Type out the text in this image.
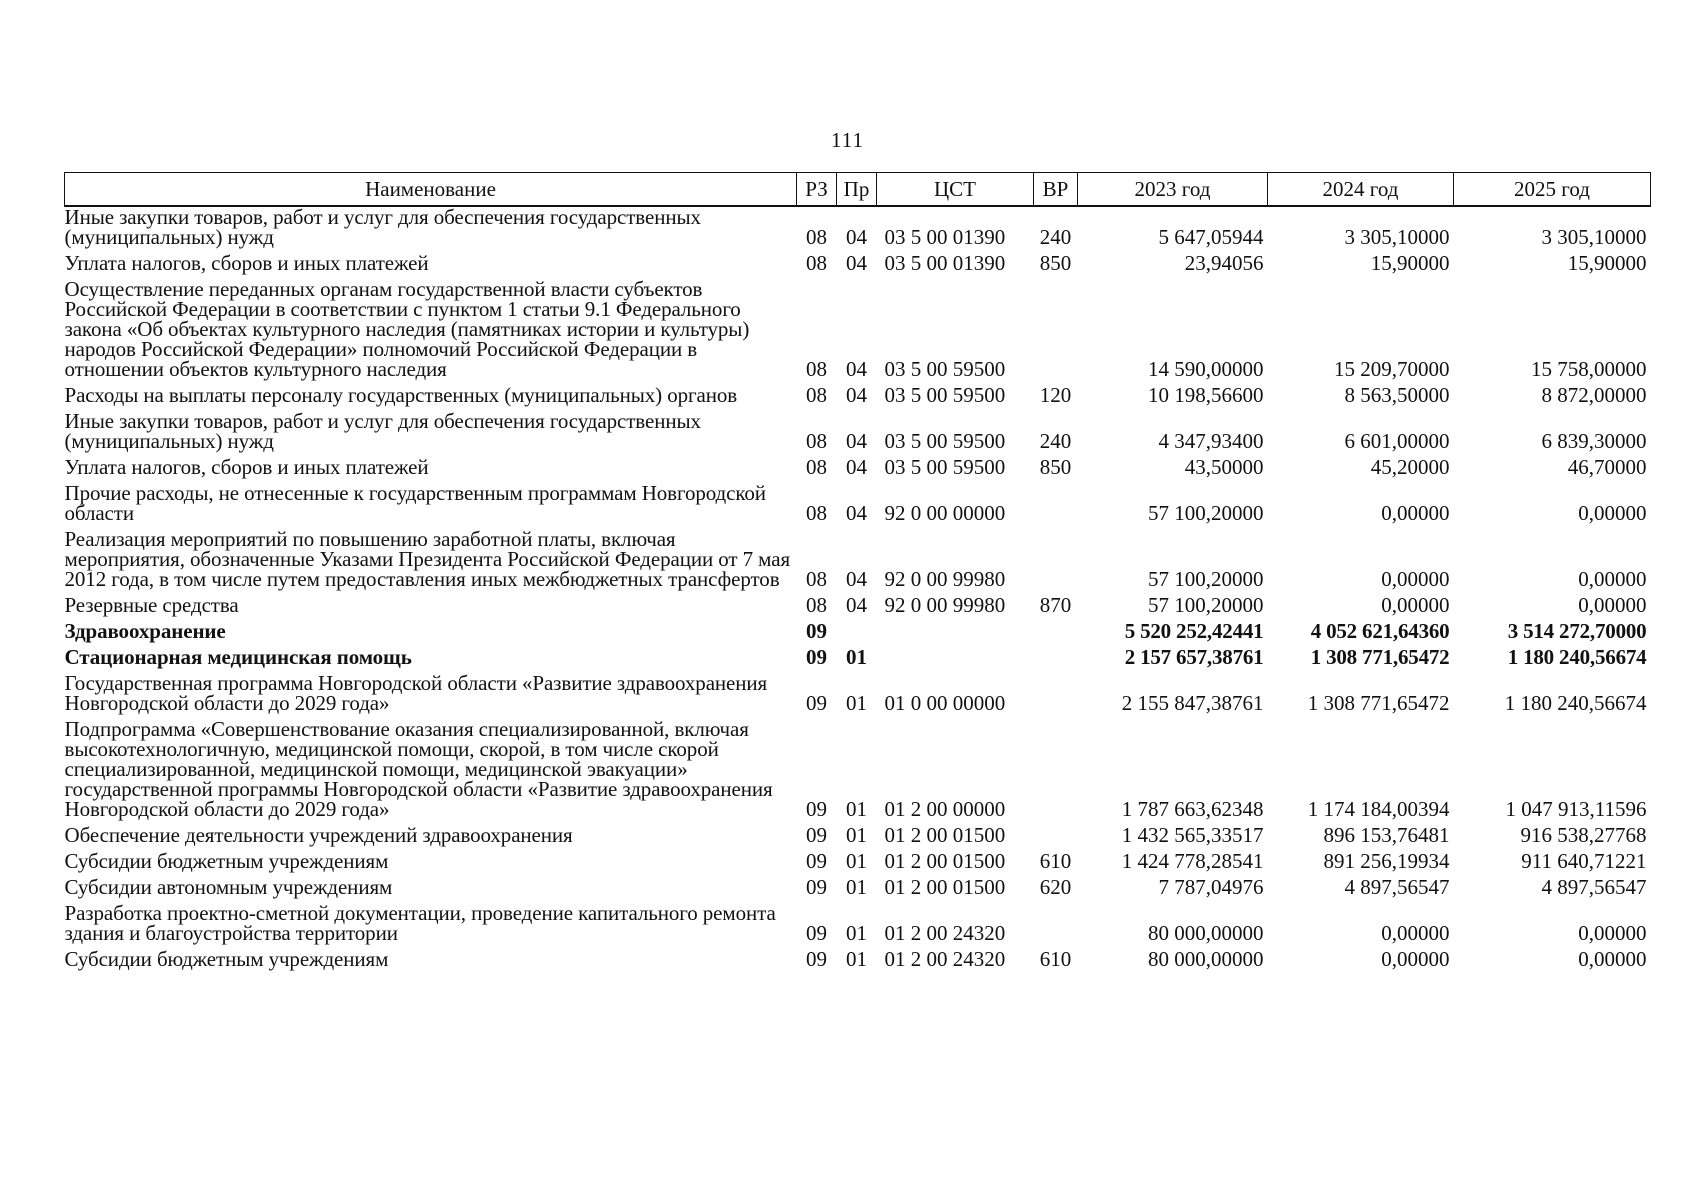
111
Наименование	РЗ	Пр	ЦСТ	ВР	2023 год	2024 год	2025 год
Иные закупки товаров, работ и услуг для обеспечения государственных (муниципальных) нужд	08	04	03 5 00 01390	240	5 647,05944	3 305,10000	3 305,10000
Уплата налогов, сборов и иных платежей	08	04	03 5 00 01390	850	23,94056	15,90000	15,90000
Осуществление переданных органам государственной власти субъектов Российской Федерации в соответствии с пунктом 1 статьи 9.1 Федерального закона «Об объектах культурного наследия (памятниках истории и культуры) народов Российской Федерации» полномочий Российской Федерации в отношении объектов культурного наследия	08	04	03 5 00 59500		14 590,00000	15 209,70000	15 758,00000
Расходы на выплаты персоналу государственных (муниципальных) органов	08	04	03 5 00 59500	120	10 198,56600	8 563,50000	8 872,00000
Иные закупки товаров, работ и услуг для обеспечения государственных (муниципальных) нужд	08	04	03 5 00 59500	240	4 347,93400	6 601,00000	6 839,30000
Уплата налогов, сборов и иных платежей	08	04	03 5 00 59500	850	43,50000	45,20000	46,70000
Прочие расходы, не отнесенные к государственным программам Новгородской области	08	04	92 0 00 00000		57 100,20000	0,00000	0,00000
Реализация мероприятий по повышению заработной платы, включая мероприятия, обозначенные Указами Президента Российской Федерации от 7 мая 2012 года, в том числе путем предоставления иных межбюджетных трансфертов	08	04	92 0 00 99980		57 100,20000	0,00000	0,00000
Резервные средства	08	04	92 0 00 99980	870	57 100,20000	0,00000	0,00000
Здравоохранение	09				5 520 252,42441	4 052 621,64360	3 514 272,70000
Стационарная медицинская помощь	09	01			2 157 657,38761	1 308 771,65472	1 180 240,56674
Государственная программа Новгородской области «Развитие здравоохранения Новгородской области до 2029 года»	09	01	01 0 00 00000		2 155 847,38761	1 308 771,65472	1 180 240,56674
Подпрограмма «Совершенствование оказания специализированной, включая высокотехнологичную, медицинской помощи, скорой, в том числе скорой специализированной, медицинской помощи, медицинской эвакуации» государственной программы Новгородской области «Развитие здравоохранения Новгородской области до 2029 года»	09	01	01 2 00 00000		1 787 663,62348	1 174 184,00394	1 047 913,11596
Обеспечение деятельности учреждений здравоохранения	09	01	01 2 00 01500		1 432 565,33517	896 153,76481	916 538,27768
Субсидии бюджетным учреждениям	09	01	01 2 00 01500	610	1 424 778,28541	891 256,19934	911 640,71221
Субсидии автономным учреждениям	09	01	01 2 00 01500	620	7 787,04976	4 897,56547	4 897,56547
Разработка проектно-сметной документации, проведение капитального ремонта здания и благоустройства территории	09	01	01 2 00 24320		80 000,00000	0,00000	0,00000
Субсидии бюджетным учреждениям	09	01	01 2 00 24320	610	80 000,00000	0,00000	0,00000
